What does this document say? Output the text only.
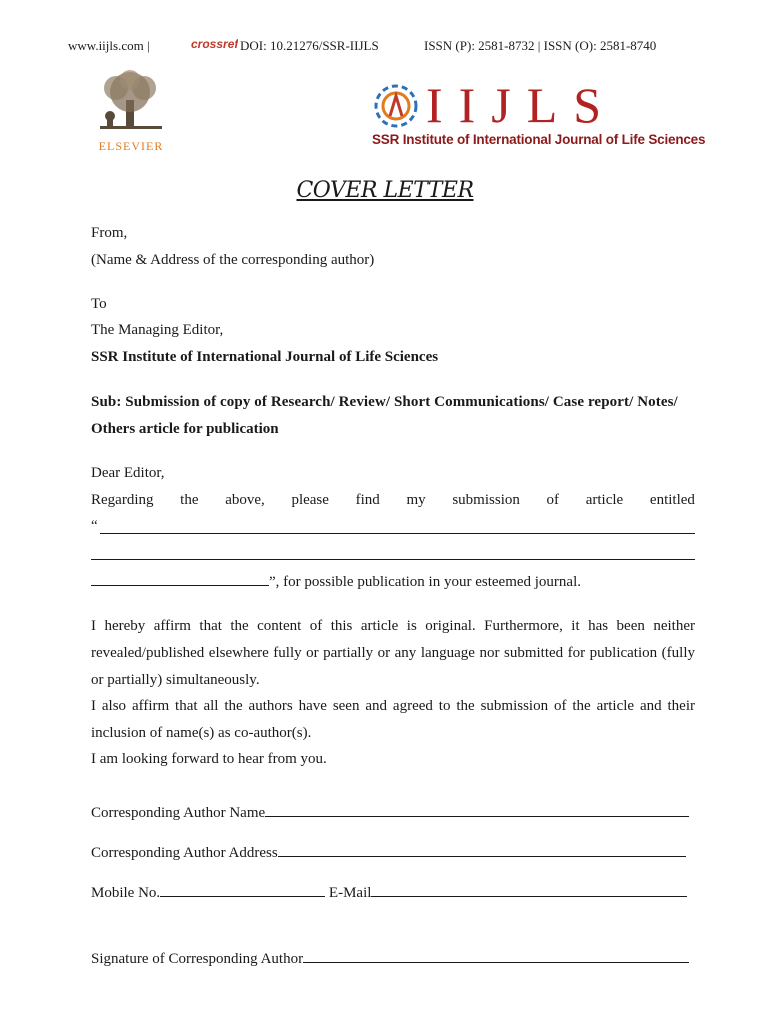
www.iijls.com |	crossref DOI: 10.21276/SSR-IIJLS	ISSN (P): 2581-8732 | ISSN (O): 2581-8740
ELSEVIER
IIJLS
SSR Institute of International Journal of Life Sciences
COVER LETTER
From,
(Name & Address of the corresponding author)
To
The Managing Editor,
SSR Institute of International Journal of Life Sciences
Sub: Submission of copy of Research/ Review/ Short Communications/ Case report/ Notes/
Others article for publication
Dear Editor,
Regarding the above, please find my submission of article entitled
“
”, for possible publication in your esteemed journal.
I hereby affirm that the content of this article is original. Furthermore, it has been neither revealed/published elsewhere fully or partially or any language nor submitted for publication (fully or partially) simultaneously.
I also affirm that all the authors have seen and agreed to the submission of the article and their inclusion of name(s) as co-author(s).
I am looking forward to hear from you.
Corresponding Author Name
Corresponding Author Address
Mobile No.	E-Mail
Signature of Corresponding Author
